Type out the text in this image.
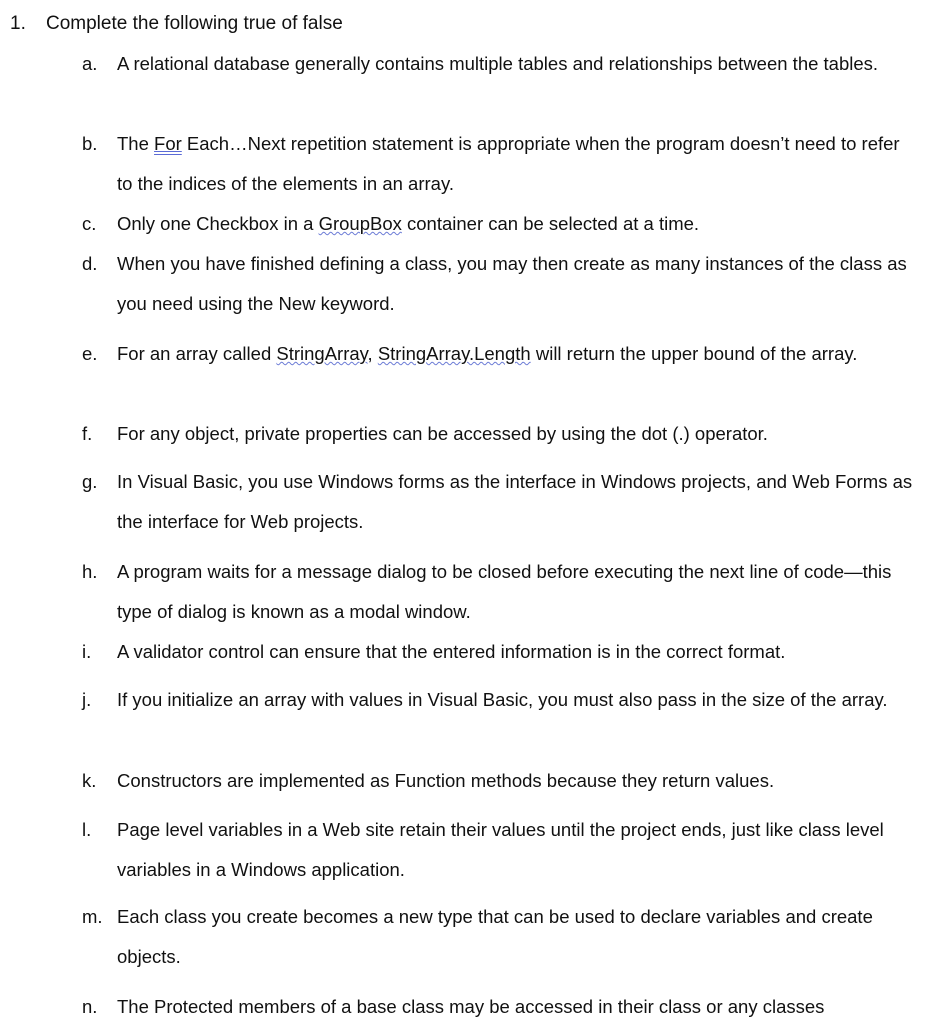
1. Complete the following true of false
a. A relational database generally contains multiple tables and relationships between the tables.
b. The For Each…Next repetition statement is appropriate when the program doesn’t need to refer to the indices of the elements in an array.
c. Only one Checkbox in a GroupBox container can be selected at a time.
d. When you have finished defining a class, you may then create as many instances of the class as you need using the New keyword.
e. For an array called StringArray, StringArray.Length will return the upper bound of the array.
f. For any object, private properties can be accessed by using the dot (.) operator.
g. In Visual Basic, you use Windows forms as the interface in Windows projects, and Web Forms as the interface for Web projects.
h. A program waits for a message dialog to be closed before executing the next line of code—this type of dialog is known as a modal window.
i. A validator control can ensure that the entered information is in the correct format.
j. If you initialize an array with values in Visual Basic, you must also pass in the size of the array.
k. Constructors are implemented as Function methods because they return values.
l. Page level variables in a Web site retain their values until the project ends, just like class level variables in a Windows application.
m. Each class you create becomes a new type that can be used to declare variables and create objects.
n. The Protected members of a base class may be accessed in their class or any classes
